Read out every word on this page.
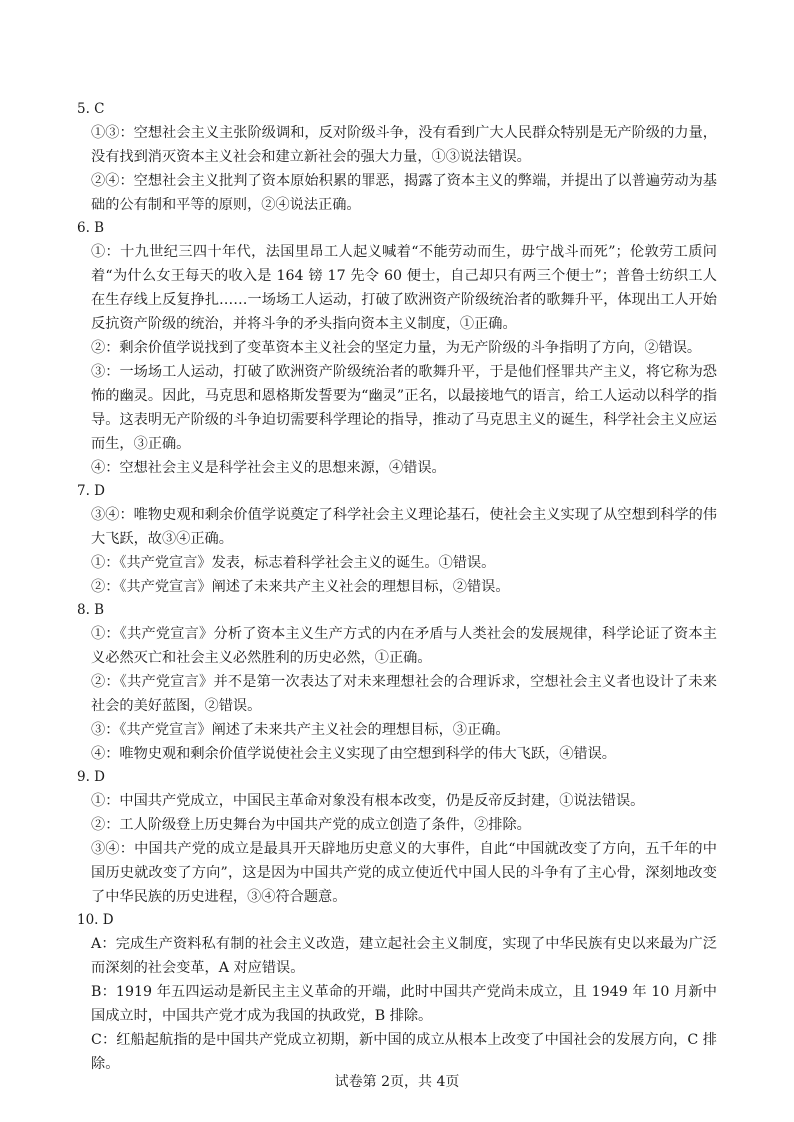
5. C
①③：空想社会主义主张阶级调和，反对阶级斗争，没有看到广大人民群众特别是无产阶级的力量，没有找到消灭资本主义社会和建立新社会的强大力量，①③说法错误。
②④：空想社会主义批判了资本原始积累的罪恶，揭露了资本主义的弊端，并提出了以普遍劳动为基础的公有制和平等的原则，②④说法正确。
6. B
①：十九世纪三四十年代，法国里昂工人起义喊着“不能劳动而生，毋宁战斗而死”；伦敦劳工质问着“为什么女王每天的收入是 164 镑 17 先令 60 便士，自己却只有两三个便士”；普鲁士纺织工人在生存线上反复挣扎……一场场工人运动，打破了欧洲资产阶级统治者的歌舞升平，体现出工人开始反抗资产阶级的统治，并将斗争的矛头指向资本主义制度，①正确。
②：剩余价值学说找到了变革资本主义社会的坚定力量，为无产阶级的斗争指明了方向，②错误。
③：一场场工人运动，打破了欧洲资产阶级统治者的歌舞升平，于是他们怪罪共产主义，将它称为恐怖的幽灵。因此，马克思和恩格斯发誓要为“幽灵”正名，以最接地气的语言，给工人运动以科学的指导。这表明无产阶级的斗争迫切需要科学理论的指导，推动了马克思主义的诞生，科学社会主义应运而生，③正确。
④：空想社会主义是科学社会主义的思想来源，④错误。
7. D
③④：唯物史观和剩余价值学说奠定了科学社会主义理论基石，使社会主义实现了从空想到科学的伟大飞跃，故③④正确。
①：《共产党宣言》发表，标志着科学社会主义的诞生。①错误。
②：《共产党宣言》阐述了未来共产主义社会的理想目标，②错误。
8. B
①：《共产党宣言》分析了资本主义生产方式的内在矛盾与人类社会的发展规律，科学论证了资本主义必然灭亡和社会主义必然胜利的历史必然，①正确。
②：《共产党宣言》并不是第一次表达了对未来理想社会的合理诉求，空想社会主义者也设计了未来社会的美好蓝图，②错误。
③：《共产党宣言》阐述了未来共产主义社会的理想目标，③正确。
④：唯物史观和剩余价值学说使社会主义实现了由空想到科学的伟大飞跃，④错误。
9. D
①：中国共产党成立，中国民主革命对象没有根本改变，仍是反帝反封建，①说法错误。
②：工人阶级登上历史舞台为中国共产党的成立创造了条件，②排除。
③④：中国共产党的成立是最具开天辟地历史意义的大事件，自此“中国就改变了方向，五千年的中国历史就改变了方向”，这是因为中国共产党的成立使近代中国人民的斗争有了主心骨，深刻地改变了中华民族的历史进程，③④符合题意。
10. D
A：完成生产资料私有制的社会主义改造，建立起社会主义制度，实现了中华民族有史以来最为广泛而深刻的社会变革，A 对应错误。
B：1919 年五四运动是新民主主义革命的开端，此时中国共产党尚未成立，且 1949 年 10 月新中国成立时，中国共产党才成为我国的执政党，B 排除。
C：红船起航指的是中国共产党成立初期，新中国的成立从根本上改变了中国社会的发展方向，C 排除。
试卷第 2页，共 4页
